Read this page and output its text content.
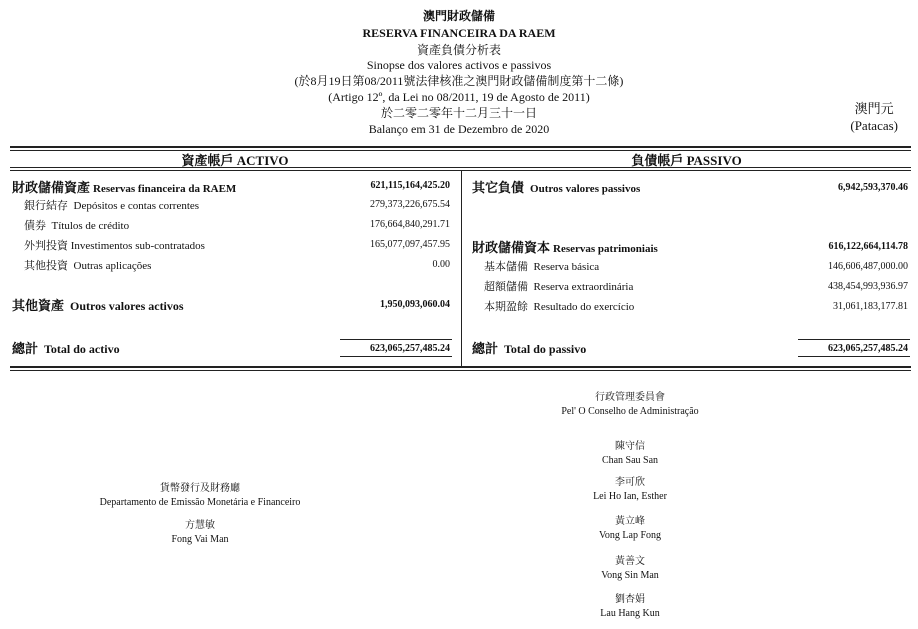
澳門財政儲備
RESERVA FINANCEIRA DA RAEM
資產負債分析表
Sinopse dos valores activos e passivos
(於8月19日第08/2011號法律核准之澳門財政儲備制度第十二條)
(Artigo 12º, da Lei no 08/2011, 19 de Agosto de 2011)
於二零二零年十二月三十一日
Balanço em 31 de Dezembro de 2020
澳門元
(Patacas)
資產帳戶 ACTIVO	負債帳戶 PASSIVO
財政儲備資產 Reservas financeira da RAEM	621,115,164,425.20
銀行結存 Depósitos e contas correntes	279,373,226,675.54
債券 Títulos de crédito	176,664,840,291.71
外判投資 Investimentos sub-contratados	165,077,097,457.95
其他投資 Outras aplicações	0.00
其他資產 Outros valores activos	1,950,093,060.04
總計 Total do activo	623,065,257,485.24
其它負債 Outros valores passivos	6,942,593,370.46
財政儲備資本 Reservas patrimoniais	616,122,664,114.78
基本儲備 Reserva básica	146,606,487,000.00
超額儲備 Reserva extraordinária	438,454,993,936.97
本期盈餘 Resultado do exercício	31,061,183,177.81
總計 Total do passivo	623,065,257,485.24
貨幣發行及財務廳
Departamento de Emissão Monetária e Financeiro
方慧敏
Fong Vai Man
行政管理委員會
Pel' O Conselho de Administração
陳守信
Chan Sau San
李可欣
Lei Ho Ian, Esther
黃立峰
Vong Lap Fong
黃善文
Vong Sin Man
劉杏娟
Lau Hang Kun
